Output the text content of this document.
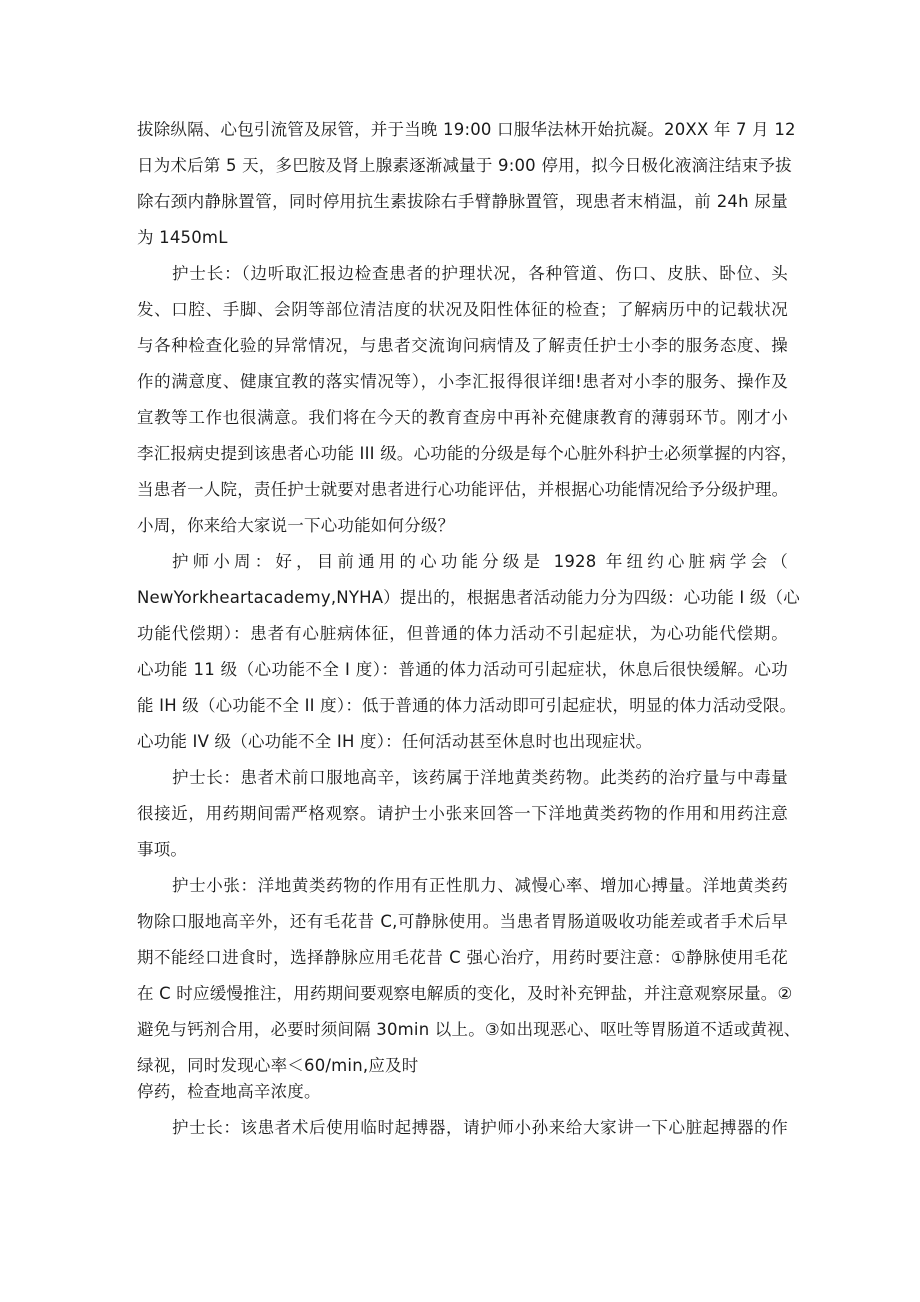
拔除纵隔、心包引流管及尿管，并于当晚 19:00 口服华法林开始抗凝。20XX 年 7 月 12
日为术后第 5 天，多巴胺及肾上腺素逐渐减量于 9:00 停用，拟今日极化液滴注结束予拔
除右颈内静脉置管，同时停用抗生素拔除右手臂静脉置管，现患者末梢温，前 24h 尿量
为 1450mL
护士长：（边听取汇报边检查患者的护理状况，各种管道、伤口、皮肤、卧位、头
发、口腔、手脚、会阴等部位清洁度的状况及阳性体征的检查；了解病历中的记载状况
与各种检查化验的异常情况，与患者交流询问病情及了解责任护士小李的服务态度、操
作的满意度、健康宜教的落实情况等），小李汇报得很详细!患者对小李的服务、操作及
宣教等工作也很满意。我们将在今天的教育查房中再补充健康教育的薄弱环节。刚才小
李汇报病史提到该患者心功能 III 级。心功能的分级是每个心脏外科护士必须掌握的内容，
当患者一人院，责任护士就要对患者进行心功能评估，并根据心功能情况给予分级护理。
小周，你来给大家说一下心功能如何分级？
护师小周：好，目前通用的心功能分级是 1928 年纽约心脏病学会（
NewYorkheartacademy,NYHA）提出的，根据患者活动能力分为四级：心功能 I 级（心
功能代偿期）：患者有心脏病体征，但普通的体力活动不引起症状，为心功能代偿期。
心功能 11 级（心功能不全 I 度）：普通的体力活动可引起症状，休息后很快缓解。心功
能 IH 级（心功能不全 II 度）：低于普通的体力活动即可引起症状，明显的体力活动受限。
心功能 IV 级（心功能不全 IH 度）：任何活动甚至休息时也出现症状。
护士长：患者术前口服地高辛，该药属于洋地黄类药物。此类药的治疗量与中毒量
很接近，用药期间需严格观察。请护士小张来回答一下洋地黄类药物的作用和用药注意
事项。
护士小张：洋地黄类药物的作用有正性肌力、减慢心率、增加心搏量。洋地黄类药
物除口服地高辛外，还有毛花昔 C,可静脉使用。当患者胃肠道吸收功能差或者手术后早
期不能经口进食时，选择静脉应用毛花昔 C 强心治疗，用药时要注意：①静脉使用毛花
在 C 时应缓慢推注，用药期间要观察电解质的变化，及时补充钾盐，并注意观察尿量。②
避免与钙剂合用，必要时须间隔 30min 以上。③如出现恶心、呕吐等胃肠道不适或黄视、
绿视，同时发现心率＜60/min,应及时
停药，检查地高辛浓度。
护士长：该患者术后使用临时起搏器，请护师小孙来给大家讲一下心脏起搏器的作
